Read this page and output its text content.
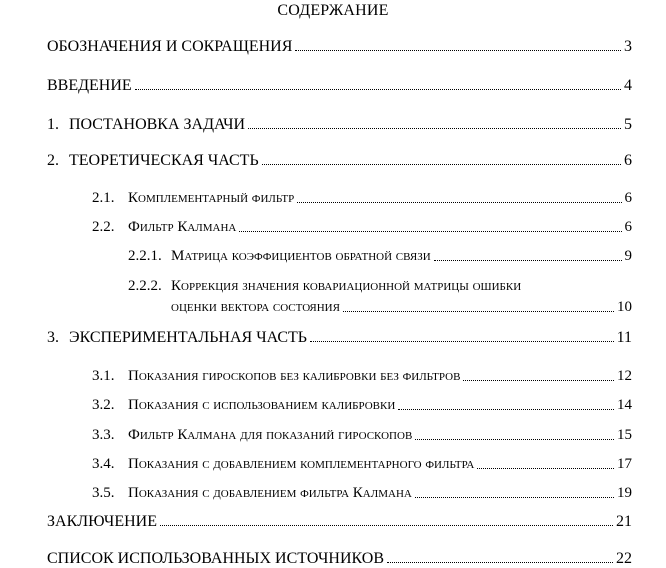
СОДЕРЖАНИЕ
ОБОЗНАЧЕНИЯ И СОКРАЩЕНИЯ	3
ВВЕДЕНИЕ	4
1. ПОСТАНОВКА ЗАДАЧИ	5
2. ТЕОРЕТИЧЕСКАЯ ЧАСТЬ	6
2.1. Комплементарный фильтр	6
2.2. Фильтр Калмана	6
2.2.1. Матрица коэффициентов обратной связи	9
2.2.2. Коррекция значения ковариационной матрицы ошибки
оценки вектора состояния	10
3. ЭКСПЕРИМЕНТАЛЬНАЯ ЧАСТЬ	11
3.1. Показания гироскопов без калибровки без фильтров	12
3.2. Показания с использованием калибровки	14
3.3. Фильтр Калмана для показаний гироскопов	15
3.4. Показания с добавлением комплементарного фильтра	17
3.5. Показания с добавлением фильтра Калмана	19
ЗАКЛЮЧЕНИЕ	21
СПИСОК ИСПОЛЬЗОВАННЫХ ИСТОЧНИКОВ	22
